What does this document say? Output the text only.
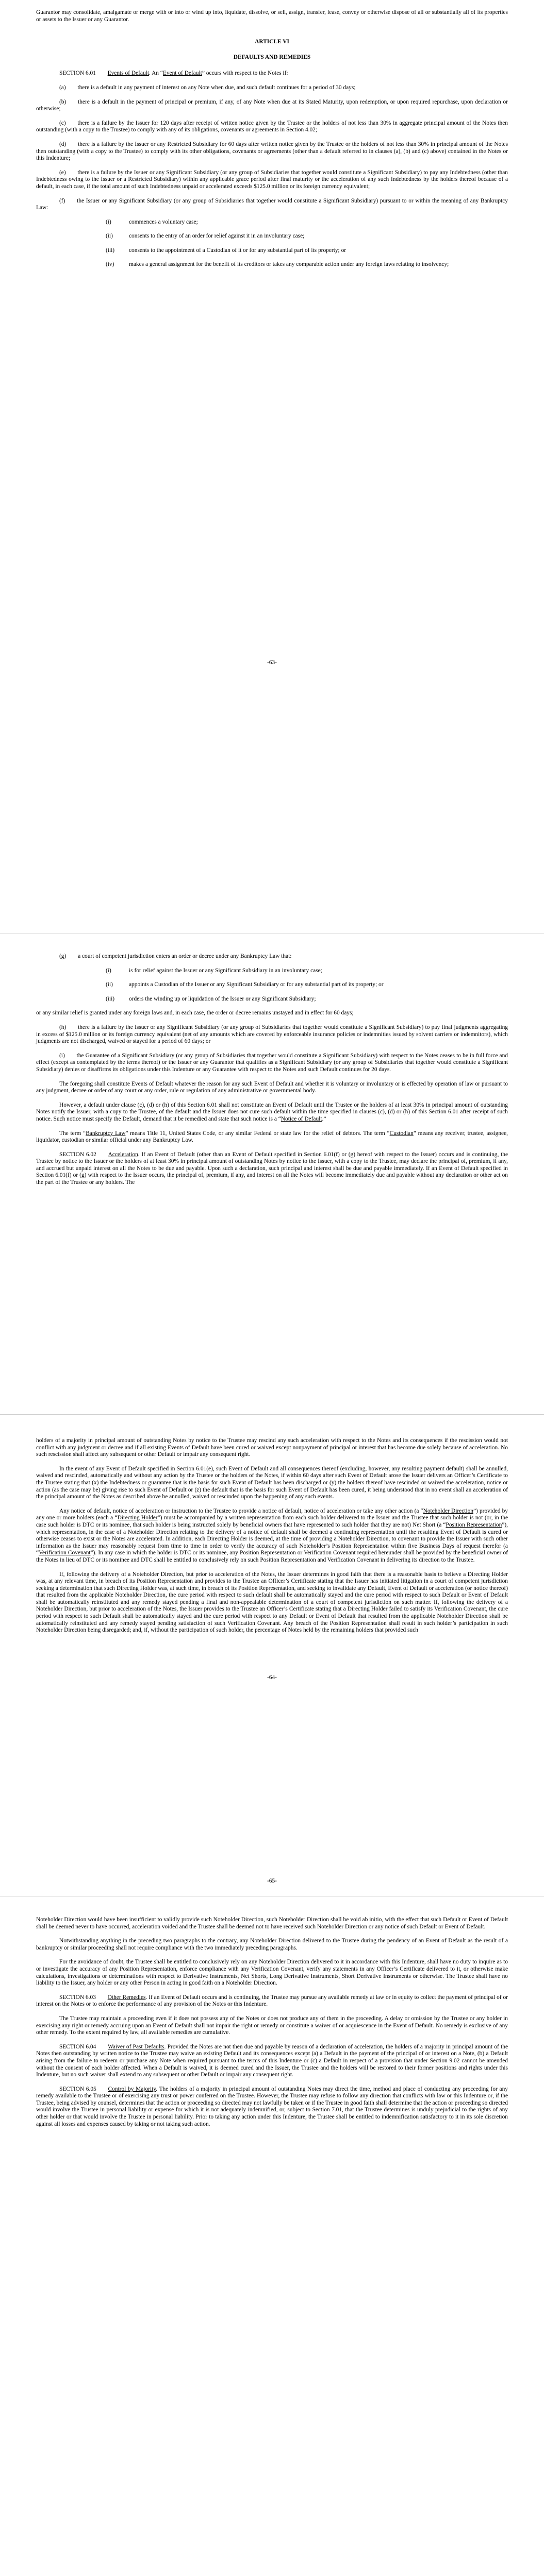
Guarantor may consolidate, amalgamate or merge with or into or wind up into, liquidate, dissolve, or sell, assign, transfer, lease, convey or otherwise dispose of all or substantially all of its properties or assets to the Issuer or any Guarantor.

ARTICLE VI
DEFAULTS AND REMEDIES

SECTION 6.01   Events of Default. An “Event of Default” occurs with respect to the Notes if:

(a)  there is a default in any payment of interest on any Note when due, and such default continues for a period of 30 days;

(b)  there is a default in the payment of principal or premium, if any, of any Note when due at its Stated Maturity, upon redemption, or upon required repurchase, upon declaration or otherwise;

(c)  there is a failure by the Issuer for 120 days after receipt of written notice given by the Trustee or the holders of not less than 30% in aggregate principal amount of the Notes then outstanding (with a copy to the Trustee) to comply with any of its obligations, covenants or agreements in Section 4.02;

(d)  there is a failure by the Issuer or any Restricted Subsidiary for 60 days after written notice given by the Trustee or the holders of not less than 30% in principal amount of the Notes then outstanding (with a copy to the Trustee) to comply with its other obligations, covenants or agreements (other than a default referred to in clauses (a), (b) and (c) above) contained in the Notes or this Indenture;

(e)  there is a failure by the Issuer or any Significant Subsidiary (or any group of Subsidiaries that together would constitute a Significant Subsidiary) to pay any Indebtedness (other than Indebtedness owing to the Issuer or a Restricted Subsidiary) within any applicable grace period after final maturity or the acceleration of any such Indebtedness by the holders thereof because of a default, in each case, if the total amount of such Indebtedness unpaid or accelerated exceeds $125.0 million or its foreign currency equivalent;

(f)  the Issuer or any Significant Subsidiary (or any group of Subsidiaries that together would constitute a Significant Subsidiary) pursuant to or within the meaning of any Bankruptcy Law:

(i)	commences a voluntary case;
(ii)	consents to the entry of an order for relief against it in an involuntary case;
(iii)	consents to the appointment of a Custodian of it or for any substantial part of its property; or
(iv)	makes a general assignment for the benefit of its creditors or takes any comparable action under any foreign laws relating to insolvency;
-63-

(g)  a court of competent jurisdiction enters an order or decree under any Bankruptcy Law that:

(i)	is for relief against the Issuer or any Significant Subsidiary in an involuntary case;
(ii)	appoints a Custodian of the Issuer or any Significant Subsidiary or for any substantial part of its property; or
(iii)	orders the winding up or liquidation of the Issuer or any Significant Subsidiary;

or any similar relief is granted under any foreign laws and, in each case, the order or decree remains unstayed and in effect for 60 days;

(h)  there is a failure by the Issuer or any Significant Subsidiary (or any group of Subsidiaries that together would constitute a Significant Subsidiary) to pay final judgments aggregating in excess of $125.0 million or its foreign currency equivalent (net of any amounts which are covered by enforceable insurance policies or indemnities issued by solvent carriers or indemnitors), which judgments are not discharged, waived or stayed for a period of 60 days; or

(i)  the Guarantee of a Significant Subsidiary (or any group of Subsidiaries that together would constitute a Significant Subsidiary) with respect to the Notes ceases to be in full force and effect (except as contemplated by the terms thereof) or the Issuer or any Guarantor that qualifies as a Significant Subsidiary (or any group of Subsidiaries that together would constitute a Significant Subsidiary) denies or disaffirms its obligations under this Indenture or any Guarantee with respect to the Notes and such Default continues for 20 days.

The foregoing shall constitute Events of Default whatever the reason for any such Event of Default and whether it is voluntary or involuntary or is effected by operation of law or pursuant to any judgment, decree or order of any court or any order, rule or regulation of any administrative or governmental body.

However, a default under clause (c), (d) or (h) of this Section 6.01 shall not constitute an Event of Default until the Trustee or the holders of at least 30% in principal amount of outstanding Notes notify the Issuer, with a copy to the Trustee, of the default and the Issuer does not cure such default within the time specified in clauses (c), (d) or (h) of this Section 6.01 after receipt of such notice. Such notice must specify the Default, demand that it be remedied and state that such notice is a “Notice of Default.”

The term “Bankruptcy Law” means Title 11, United States Code, or any similar Federal or state law for the relief of debtors. The term “Custodian” means any receiver, trustee, assignee, liquidator, custodian or similar official under any Bankruptcy Law.

SECTION 6.02   Acceleration. If an Event of Default (other than an Event of Default specified in Section 6.01(f) or (g) hereof with respect to the Issuer) occurs and is continuing, the Trustee by notice to the Issuer or the holders of at least 30% in principal amount of outstanding Notes by notice to the Issuer, with a copy to the Trustee, may declare the principal of, premium, if any, and accrued but unpaid interest on all the Notes to be due and payable. Upon such a declaration, such principal and interest shall be due and payable immediately. If an Event of Default specified in Section 6.01(f) or (g) with respect to the Issuer occurs, the principal of, premium, if any, and interest on all the Notes will become immediately due and payable without any declaration or other act on the part of the Trustee or any holders. The

-64-

holders of a majority in principal amount of outstanding Notes by notice to the Trustee may rescind any such acceleration with respect to the Notes and its consequences if the rescission would not conflict with any judgment or decree and if all existing Events of Default have been cured or waived except nonpayment of principal or interest that has become due solely because of acceleration. No such rescission shall affect any subsequent or other Default or impair any consequent right.

In the event of any Event of Default specified in Section 6.01(e), such Event of Default and all consequences thereof (excluding, however, any resulting payment default) shall be annulled, waived and rescinded, automatically and without any action by the Trustee or the holders of the Notes, if within 60 days after such Event of Default arose the Issuer delivers an Officer’s Certificate to the Trustee stating that (x) the Indebtedness or guarantee that is the basis for such Event of Default has been discharged or (y) the holders thereof have rescinded or waived the acceleration, notice or action (as the case may be) giving rise to such Event of Default or (z) the default that is the basis for such Event of Default has been cured, it being understood that in no event shall an acceleration of the principal amount of the Notes as described above be annulled, waived or rescinded upon the happening of any such events.

Any notice of default, notice of acceleration or instruction to the Trustee to provide a notice of default, notice of acceleration or take any other action (a “Noteholder Direction”) provided by any one or more holders (each a “Directing Holder”) must be accompanied by a written representation from each such holder delivered to the Issuer and the Trustee that such holder is not (or, in the case such holder is DTC or its nominee, that such holder is being instructed solely by beneficial owners that have represented to such holder that they are not) Net Short (a “Position Representation”), which representation, in the case of a Noteholder Direction relating to the delivery of a notice of default shall be deemed a continuing representation until the resulting Event of Default is cured or otherwise ceases to exist or the Notes are accelerated. In addition, each Directing Holder is deemed, at the time of providing a Noteholder Direction, to covenant to provide the Issuer with such other information as the Issuer may reasonably request from time to time in order to verify the accuracy of such Noteholder’s Position Representation within five Business Days of request therefor (a “Verification Covenant”). In any case in which the holder is DTC or its nominee, any Position Representation or Verification Covenant required hereunder shall be provided by the beneficial owner of the Notes in lieu of DTC or its nominee and DTC shall be entitled to conclusively rely on such Position Representation and Verification Covenant in delivering its direction to the Trustee.

If, following the delivery of a Noteholder Direction, but prior to acceleration of the Notes, the Issuer determines in good faith that there is a reasonable basis to believe a Directing Holder was, at any relevant time, in breach of its Position Representation and provides to the Trustee an Officer’s Certificate stating that the Issuer has initiated litigation in a court of competent jurisdiction seeking a determination that such Directing Holder was, at such time, in breach of its Position Representation, and seeking to invalidate any Default, Event of Default or acceleration (or notice thereof) that resulted from the applicable Noteholder Direction, the cure period with respect to such default shall be automatically stayed and the cure period with respect to such Default or Event of Default shall be automatically reinstituted and any remedy stayed pending a final and non-appealable determination of a court of competent jurisdiction on such matter. If, following the delivery of a Noteholder Direction, but prior to acceleration of the Notes, the Issuer provides to the Trustee an Officer’s Certificate stating that a Directing Holder failed to satisfy its Verification Covenant, the cure period with respect to such Default shall be automatically stayed and the cure period with respect to any Default or Event of Default that resulted from the applicable Noteholder Direction shall be automatically reinstituted and any remedy stayed pending satisfaction of such Verification Covenant. Any breach of the Position Representation shall result in such holder’s participation in such Noteholder Direction being disregarded; and, if, without the participation of such holder, the percentage of Notes held by the remaining holders that provided such

-65-

Noteholder Direction would have been insufficient to validly provide such Noteholder Direction, such Noteholder Direction shall be void ab initio, with the effect that such Default or Event of Default shall be deemed never to have occurred, acceleration voided and the Trustee shall be deemed not to have received such Noteholder Direction or any notice of such Default or Event of Default.

Notwithstanding anything in the preceding two paragraphs to the contrary, any Noteholder Direction delivered to the Trustee during the pendency of an Event of Default as the result of a bankruptcy or similar proceeding shall not require compliance with the two immediately preceding paragraphs.

For the avoidance of doubt, the Trustee shall be entitled to conclusively rely on any Noteholder Direction delivered to it in accordance with this Indenture, shall have no duty to inquire as to or investigate the accuracy of any Position Representation, enforce compliance with any Verification Covenant, verify any statements in any Officer’s Certificate delivered to it, or otherwise make calculations, investigations or determinations with respect to Derivative Instruments, Net Shorts, Long Derivative Instruments, Short Derivative Instruments or otherwise. The Trustee shall have no liability to the Issuer, any holder or any other Person in acting in good faith on a Noteholder Direction.

SECTION 6.03   Other Remedies. If an Event of Default occurs and is continuing, the Trustee may pursue any available remedy at law or in equity to collect the payment of principal of or interest on the Notes or to enforce the performance of any provision of the Notes or this Indenture.

The Trustee may maintain a proceeding even if it does not possess any of the Notes or does not produce any of them in the proceeding. A delay or omission by the Trustee or any holder in exercising any right or remedy accruing upon an Event of Default shall not impair the right or remedy or constitute a waiver of or acquiescence in the Event of Default. No remedy is exclusive of any other remedy. To the extent required by law, all available remedies are cumulative.

SECTION 6.04   Waiver of Past Defaults. Provided the Notes are not then due and payable by reason of a declaration of acceleration, the holders of a majority in principal amount of the Notes then outstanding by written notice to the Trustee may waive an existing Default and its consequences except (a) a Default in the payment of the principal of or interest on a Note, (b) a Default arising from the failure to redeem or purchase any Note when required pursuant to the terms of this Indenture or (c) a Default in respect of a provision that under Section 9.02 cannot be amended without the consent of each holder affected. When a Default is waived, it is deemed cured and the Issuer, the Trustee and the holders will be restored to their former positions and rights under this Indenture, but no such waiver shall extend to any subsequent or other Default or impair any consequent right.

SECTION 6.05   Control by Majority. The holders of a majority in principal amount of outstanding Notes may direct the time, method and place of conducting any proceeding for any remedy available to the Trustee or of exercising any trust or power conferred on the Trustee. However, the Trustee may refuse to follow any direction that conflicts with law or this Indenture or, if the Trustee, being advised by counsel, determines that the action or proceeding so directed may not lawfully be taken or if the Trustee in good faith shall determine that the action or proceeding so directed would involve the Trustee in personal liability or expense for which it is not adequately indemnified, or, subject to Section 7.01, that the Trustee determines is unduly prejudicial to the rights of any other holder or that would involve the Trustee in personal liability. Prior to taking any action under this Indenture, the Trustee shall be entitled to indemnification satisfactory to it in its sole discretion against all losses and expenses caused by taking or not taking such action.
